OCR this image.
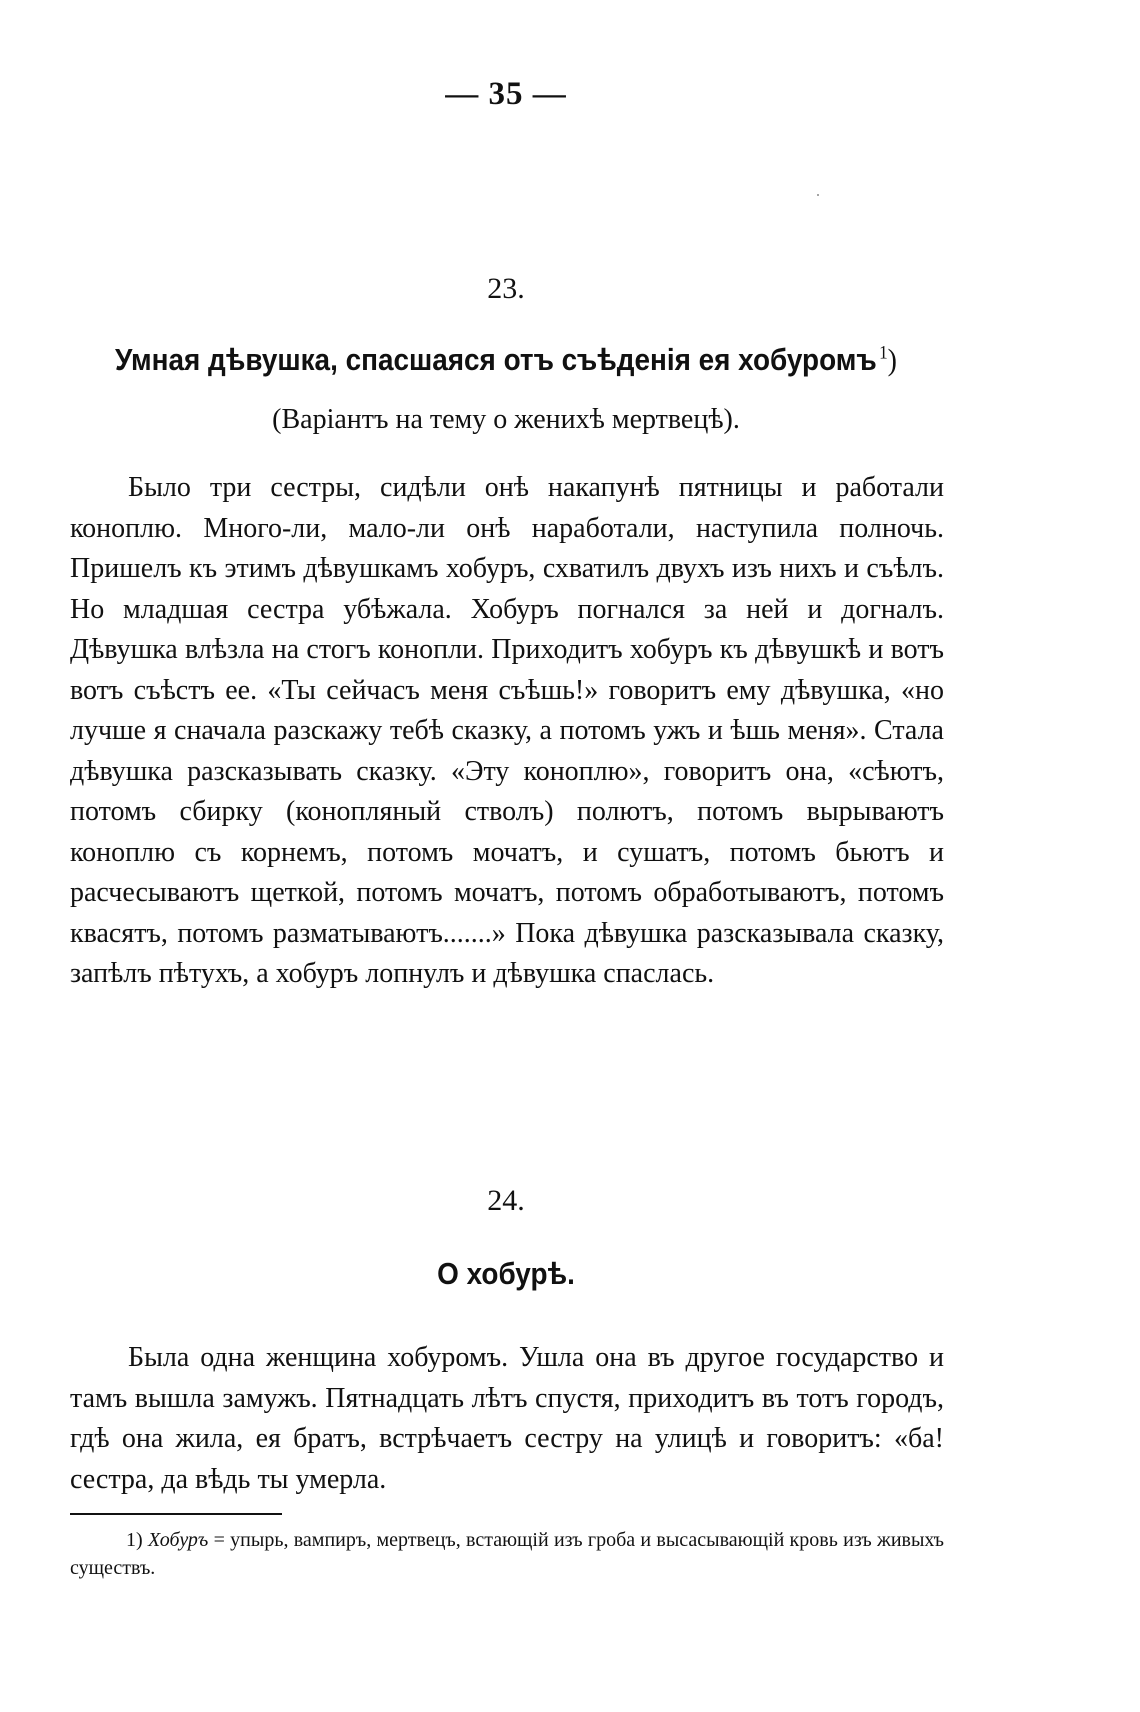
— 35 —
23.
Умная дѣвушка, спасшаяся отъ съѣденія ея хобуромъ  $^1$)
(Варіантъ на тему о женихѣ мертвецѣ).

Было три сестры, сидѣли онѣ накапунѣ пятницы и работали коноплю. Много-ли, мало-ли онѣ наработали, наступила полночь. Пришелъ къ этимъ дѣвушкамъ хобуръ, схватилъ двухъ изъ нихъ и съѣлъ. Но младшая сестра убѣжала. Хобуръ погнался за ней и догналъ. Дѣвушка влѣзла на стогъ конопли. Приходитъ хобуръ къ дѣвушкѣ и вотъ вотъ съѣстъ ее. «Ты сейчасъ меня съѣшь!» говоритъ ему дѣвушка, «но лучше я сначала разскажу тебѣ сказку, а потомъ ужъ и ѣшь меня». Стала дѣвушка разсказывать сказку. «Эту коноплю», говоритъ она, «сѣютъ, потомъ сбирку (конопляный стволъ) полютъ, потомъ вырываютъ коноплю съ корнемъ, потомъ мочатъ, и сушатъ, потомъ бьютъ и расчесываютъ щеткой, потомъ мочатъ, потомъ обработываютъ, потомъ квасятъ, потомъ разматываютъ.......» Пока дѣвушка разсказывала сказку, запѣлъ пѣтухъ, а хобуръ лопнулъ и дѣвушка спаслась.

24.
О хобурѣ.

Была одна женщина хобуромъ. Ушла она въ другое государство и тамъ вышла замужъ. Пятнадцать лѣтъ спустя, приходитъ въ тотъ городъ, гдѣ она жила, ея братъ, встрѣчаетъ сестру на улицѣ и говоритъ: «ба! сестра, да вѣдь ты умерла.

1) Хобуръ = упырь, вампиръ, мертвецъ, встающій изъ гроба и высасывающій кровь изъ живыхъ существъ.
